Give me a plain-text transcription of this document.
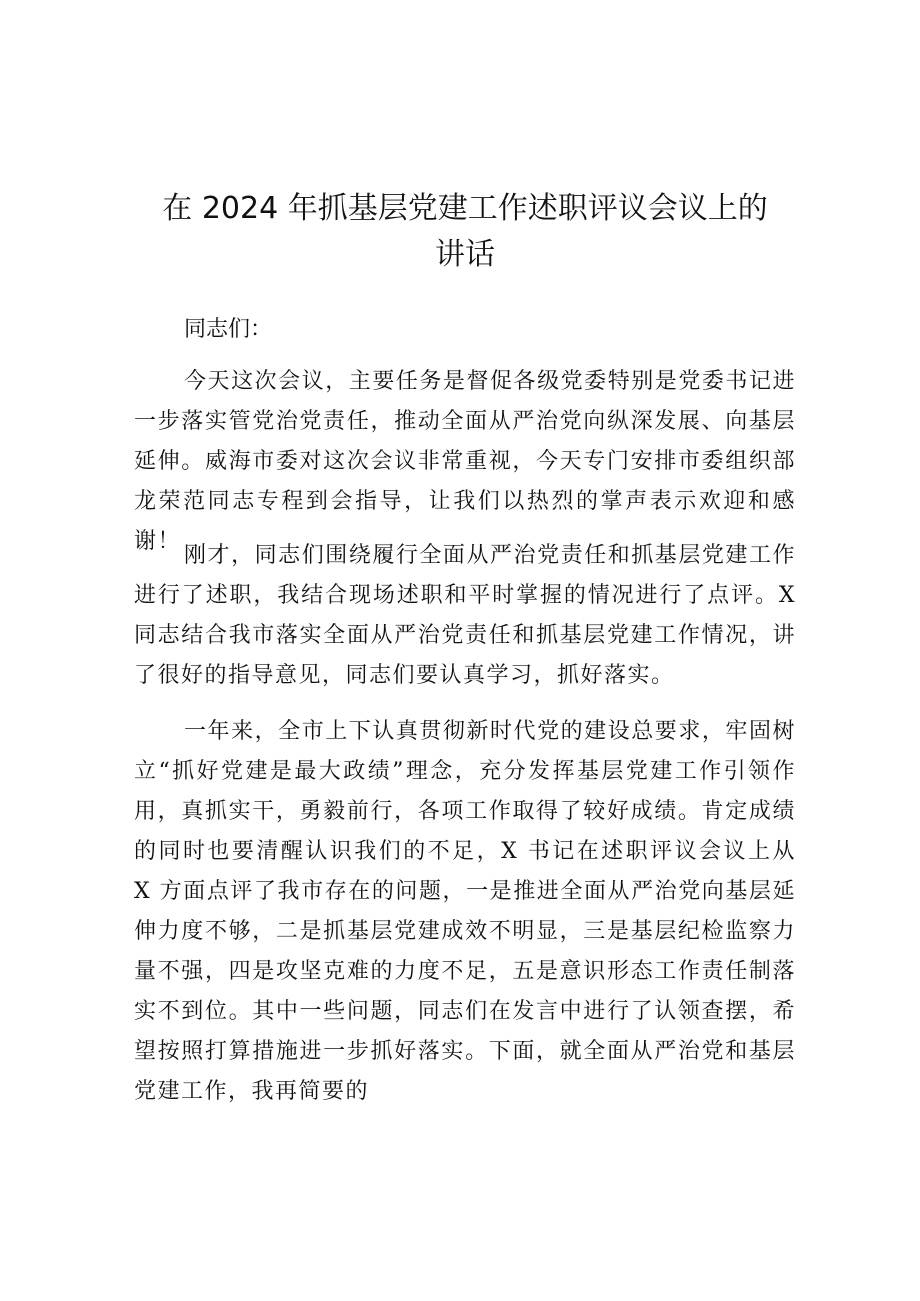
在 2024 年抓基层党建工作述职评议会议上的讲话

同志们：

今天这次会议，主要任务是督促各级党委特别是党委书记进一步落实管党治党责任，推动全面从严治党向纵深发展、向基层延伸。威海市委对这次会议非常重视，今天专门安排市委组织部龙荣范同志专程到会指导，让我们以热烈的掌声表示欢迎和感谢！

刚才，同志们围绕履行全面从严治党责任和抓基层党建工作进行了述职，我结合现场述职和平时掌握的情况进行了点评。X 同志结合我市落实全面从严治党责任和抓基层党建工作情况，讲了很好的指导意见，同志们要认真学习，抓好落实。

一年来，全市上下认真贯彻新时代党的建设总要求，牢固树立“抓好党建是最大政绩”理念，充分发挥基层党建工作引领作用，真抓实干，勇毅前行，各项工作取得了较好成绩。肯定成绩的同时也要清醒认识我们的不足，X 书记在述职评议会议上从 X 方面点评了我市存在的问题，一是推进全面从严治党向基层延伸力度不够，二是抓基层党建成效不明显，三是基层纪检监察力量不强，四是攻坚克难的力度不足，五是意识形态工作责任制落实不到位。其中一些问题，同志们在发言中进行了认领查摆，希望按照打算措施进一步抓好落实。下面，就全面从严治党和基层党建工作，我再简要的
